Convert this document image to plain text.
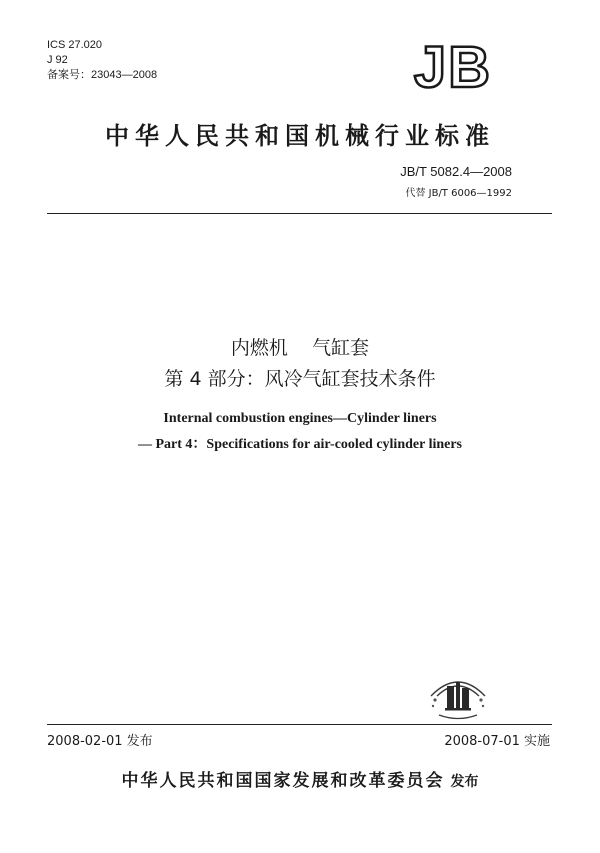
ICS 27.020
J 92
备案号：23043—2008	JB
中华人民共和国机械行业标准
JB/T 5082.4—2008
代替 JB/T 6006—1992
内燃机    气缸套
第 4 部分：风冷气缸套技术条件
Internal combustion engines—Cylinder liners
— Part 4：Specifications for air-cooled cylinder liners
2008-02-01 发布	2008-07-01 实施
中华人民共和国国家发展和改革委员会 发布
